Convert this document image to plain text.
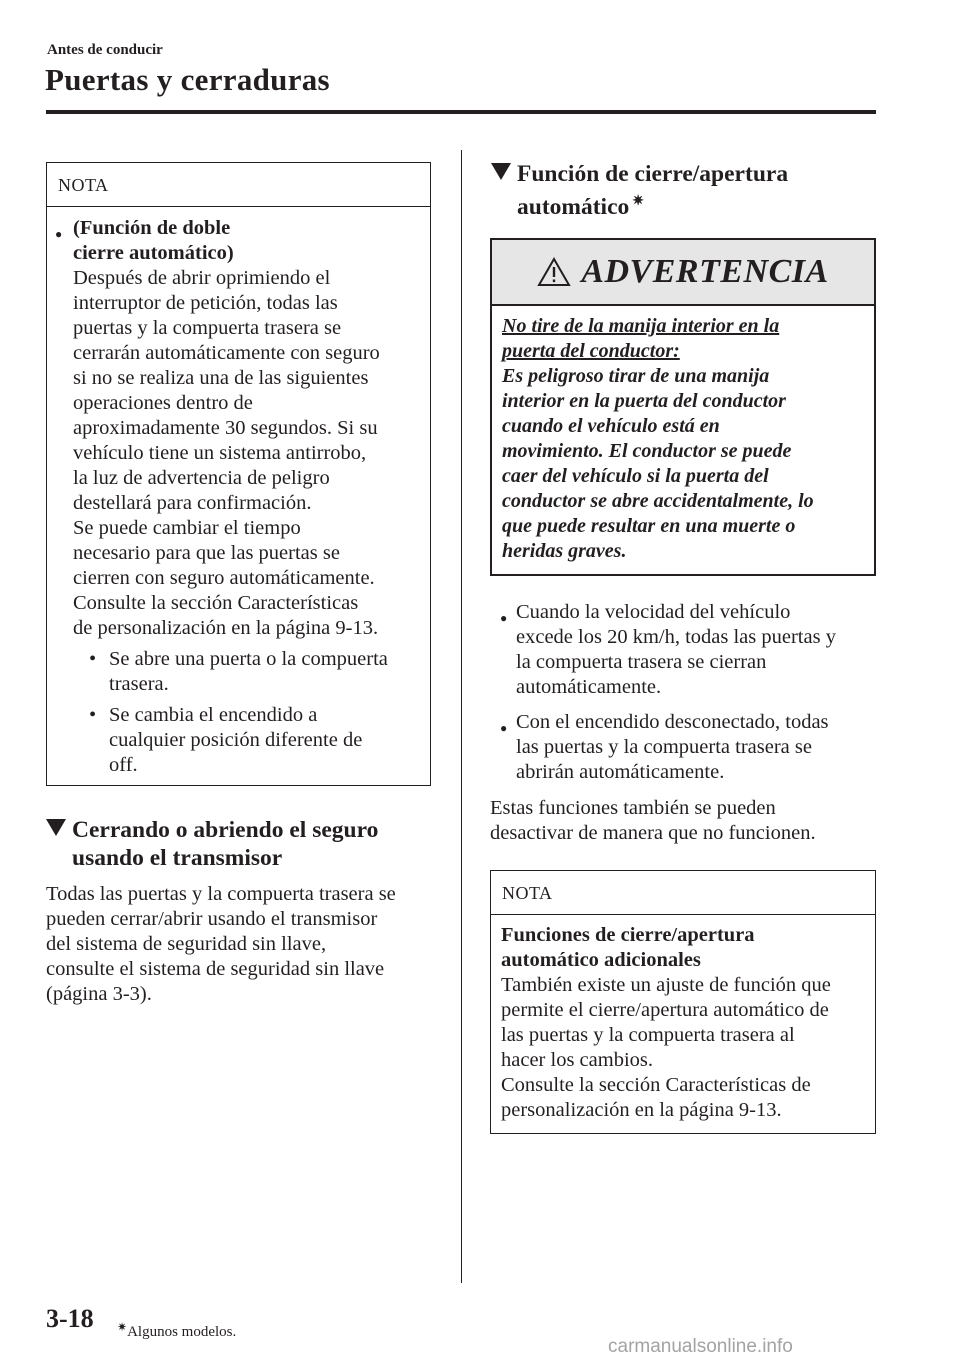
Antes de conducir
Puertas y cerraduras
NOTA
● (Función de doble cierre automático)
Después de abrir oprimiendo el
interruptor de petición, todas las
puertas y la compuerta trasera se
cerrarán automáticamente con seguro
si no se realiza una de las siguientes
operaciones dentro de
aproximadamente 30 segundos. Si su
vehículo tiene un sistema antirrobo,
la luz de advertencia de peligro
destellará para confirmación.
Se puede cambiar el tiempo
necesario para que las puertas se
cierren con seguro automáticamente.
Consulte la sección Características
de personalización en la página 9-13.
• Se abre una puerta o la compuerta
trasera.
• Se cambia el encendido a
cualquier posición diferente de
off.
Cerrando o abriendo el seguro
usando el transmisor
Todas las puertas y la compuerta trasera se
pueden cerrar/abrir usando el transmisor
del sistema de seguridad sin llave,
consulte el sistema de seguridad sin llave
(página 3-3).
Función de cierre/apertura
automático ✷
ADVERTENCIA
No tire de la manija interior en la
puerta del conductor:
Es peligroso tirar de una manija
interior en la puerta del conductor
cuando el vehículo está en
movimiento. El conductor se puede
caer del vehículo si la puerta del
conductor se abre accidentalmente, lo
que puede resultar en una muerte o
heridas graves.
● Cuando la velocidad del vehículo
excede los 20 km/h, todas las puertas y
la compuerta trasera se cierran
automáticamente.
● Con el encendido desconectado, todas
las puertas y la compuerta trasera se
abrirán automáticamente.
Estas funciones también se pueden
desactivar de manera que no funcionen.
NOTA
Funciones de cierre/apertura
automático adicionales
También existe un ajuste de función que
permite el cierre/apertura automático de
las puertas y la compuerta trasera al
hacer los cambios.
Consulte la sección Características de
personalización en la página 9-13.
3-18 ✷Algunos modelos.
carmanualsonline.info
